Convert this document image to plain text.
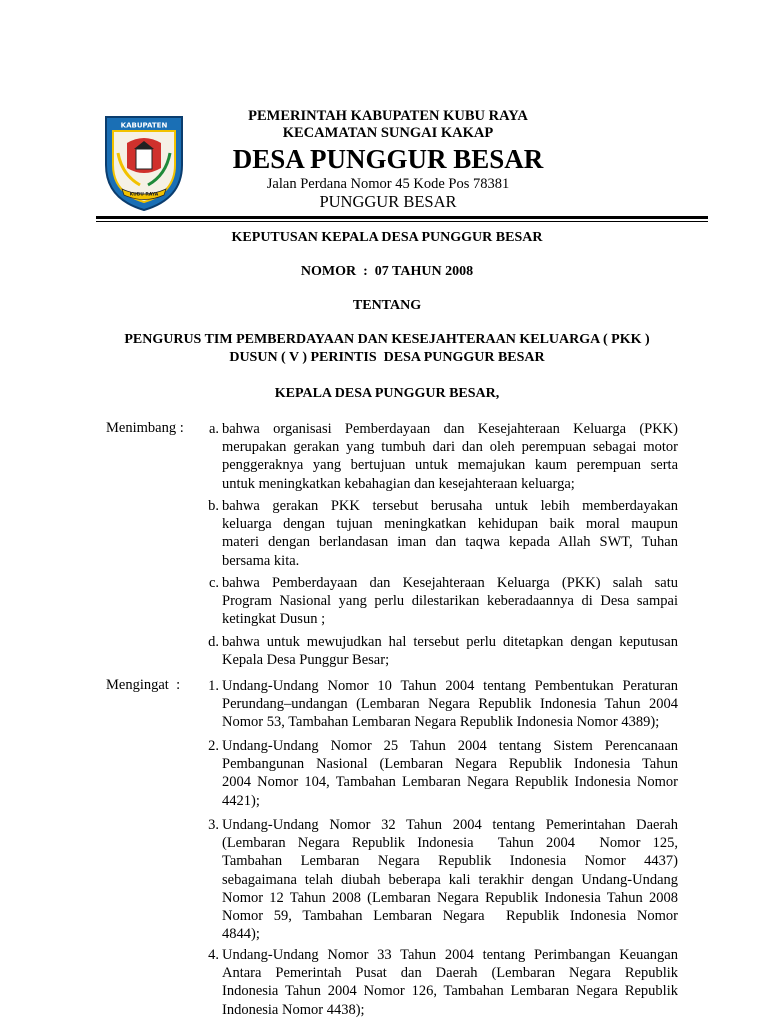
KABUPATEN
KUBU RAYA
PEMERINTAH KABUPATEN KUBU RAYA
KECAMATAN SUNGAI KAKAP
DESA PUNGGUR BESAR
Jalan Perdana Nomor 45 Kode Pos 78381
PUNGGUR BESAR
KEPUTUSAN KEPALA DESA PUNGGUR BESAR
NOMOR  :  07 TAHUN 2008
TENTANG
PENGURUS TIM PEMBERDAYAAN DAN KESEJAHTERAAN KELUARGA ( PKK )
DUSUN ( V ) PERINTIS  DESA PUNGGUR BESAR
KEPALA DESA PUNGGUR BESAR,
Menimbang :	a. bahwa organisasi Pemberdayaan dan Kesejahteraan Keluarga (PKK)
merupakan gerakan yang tumbuh dari dan oleh perempuan sebagai motor
penggeraknya yang bertujuan untuk memajukan kaum perempuan serta
untuk meningkatkan kebahagian dan kesejahteraan keluarga;
b. bahwa gerakan PKK tersebut berusaha untuk lebih memberdayakan
keluarga dengan tujuan meningkatkan kehidupan baik moral maupun
materi dengan berlandasan iman dan taqwa kepada Allah SWT, Tuhan
bersama kita.
c. bahwa Pemberdayaan dan Kesejahteraan Keluarga (PKK) salah satu
Program Nasional yang perlu dilestarikan keberadaannya di Desa sampai
ketingkat Dusun ;
d. bahwa untuk mewujudkan hal tersebut perlu ditetapkan dengan keputusan
Kepala Desa Punggur Besar;
Mengingat  :	1. Undang-Undang Nomor 10 Tahun 2004 tentang Pembentukan Peraturan
Perundang–undangan (Lembaran Negara Republik Indonesia Tahun 2004
Nomor 53, Tambahan Lembaran Negara Republik Indonesia Nomor 4389);
2. Undang-Undang Nomor 25 Tahun 2004 tentang Sistem Perencanaan
Pembangunan Nasional (Lembaran Negara Republik Indonesia Tahun
2004 Nomor 104, Tambahan Lembaran Negara Republik Indonesia Nomor
4421);
3. Undang-Undang Nomor 32 Tahun 2004 tentang Pemerintahan Daerah
(Lembaran Negara Republik Indonesia  Tahun 2004  Nomor 125,
Tambahan Lembaran Negara Republik Indonesia Nomor 4437)
sebagaimana telah diubah beberapa kali terakhir dengan Undang-Undang
Nomor 12 Tahun 2008 (Lembaran Negara Republik Indonesia Tahun 2008
Nomor 59, Tambahan Lembaran Negara  Republik Indonesia Nomor
4844);
4. Undang-Undang Nomor 33 Tahun 2004 tentang Perimbangan Keuangan
Antara Pemerintah Pusat dan Daerah (Lembaran Negara Republik
Indonesia Tahun 2004 Nomor 126, Tambahan Lembaran Negara Republik
Indonesia Nomor 4438);
